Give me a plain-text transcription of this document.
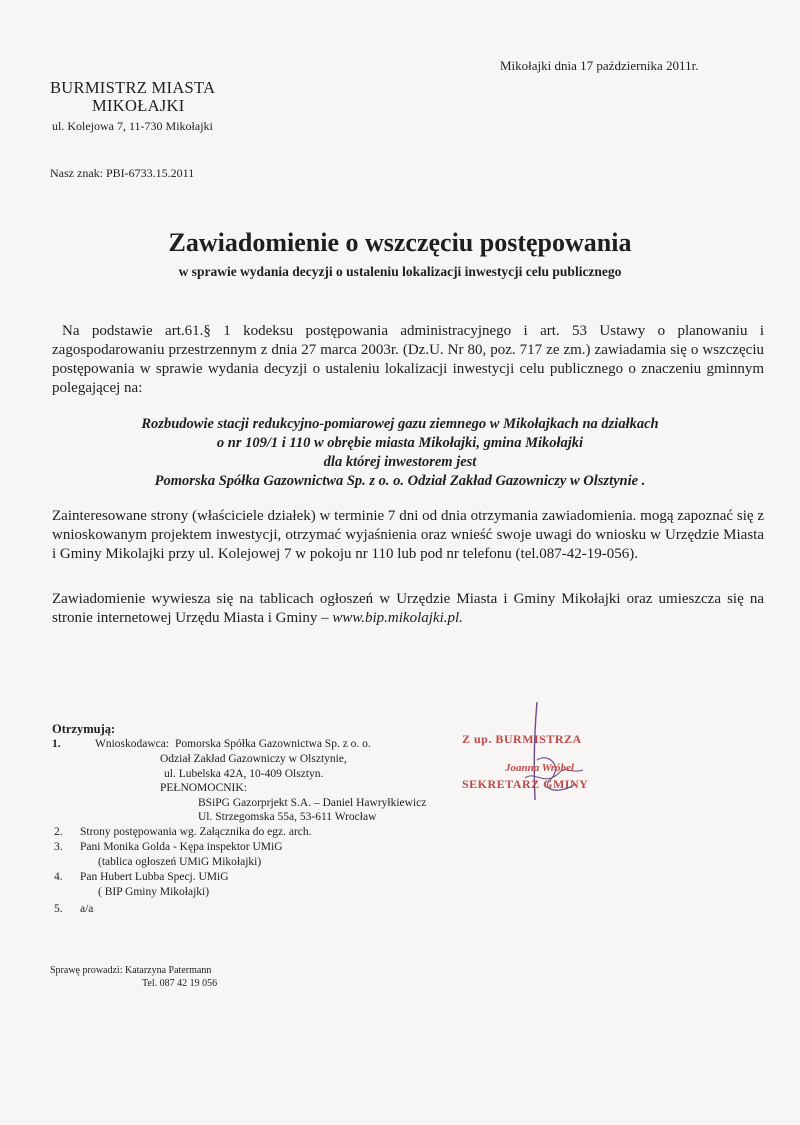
Mikołajki dnia 17 października 2011r.
BURMISTRZ MIASTA
MIKOŁAJKI
ul. Kolejowa 7, 11-730 Mikołajki
Nasz znak: PBI-6733.15.2011
Zawiadomienie o wszczęciu postępowania
w sprawie wydania decyzji o ustaleniu lokalizacji inwestycji celu publicznego
Na podstawie art.61.§ 1 kodeksu postępowania administracyjnego i art. 53 Ustawy o planowaniu i zagospodarowaniu przestrzennym z dnia 27 marca 2003r. (Dz.U. Nr 80, poz. 717 ze zm.) zawiadamia się o wszczęciu postępowania w sprawie wydania decyzji o ustaleniu lokalizacji inwestycji celu publicznego o znaczeniu gminnym polegającej na:
Rozbudowie stacji redukcyjno-pomiarowej gazu ziemnego w Mikołajkach na działkach
o nr 109/1 i 110 w obrębie miasta Mikołajki, gmina Mikołajki
dla której inwestorem jest
Pomorska Spółka Gazownictwa Sp. z o. o. Odział Zakład Gazowniczy w Olsztynie .
Zainteresowane strony (właściciele działek) w terminie 7 dni od dnia otrzymania zawiadomienia. mogą zapoznać się z wnioskowanym projektem inwestycji, otrzymać wyjaśnienia oraz wnieść swoje uwagi do wniosku w Urzędzie Miasta i Gminy Mikolajki przy ul. Kolejowej 7 w pokoju nr 110 lub pod nr telefonu (tel.087-42-19-056).
Zawiadomienie wywiesza się na tablicach ogłoszeń w Urzędzie Miasta i Gminy Mikołajki oraz umieszcza się na stronie internetowej Urzędu Miasta i Gminy – www.bip.mikolajki.pl.
Otrzymują:
1.	Wnioskodawca: Pomorska Spółka Gazownictwa Sp. z o. o.
Odział Zakład Gazowniczy w Olsztynie,
ul. Lubelska 42A, 10-409 Olsztyn.
PEŁNOMOCNIK:
BSiPG Gazorprjekt S.A. – Daniel Hawryłkiewicz
Ul. Strzegomska 55a, 53-611 Wrocław
2. Strony postępowania wg. Załącznika do egz. arch.
3. Pani Monika Golda - Kępa inspektor UMiG
(tablica ogłoszeń UMiG Mikołajki)
4. Pan Hubert Lubba Specj. UMiG
( BIP Gminy Mikołajki)
5. a/a
Z up. BURMISTRZA
Joanna Wróbel
SEKRETARZ GMINY
Sprawę prowadzi: Katarzyna Patermann
Tel. 087 42 19 056
